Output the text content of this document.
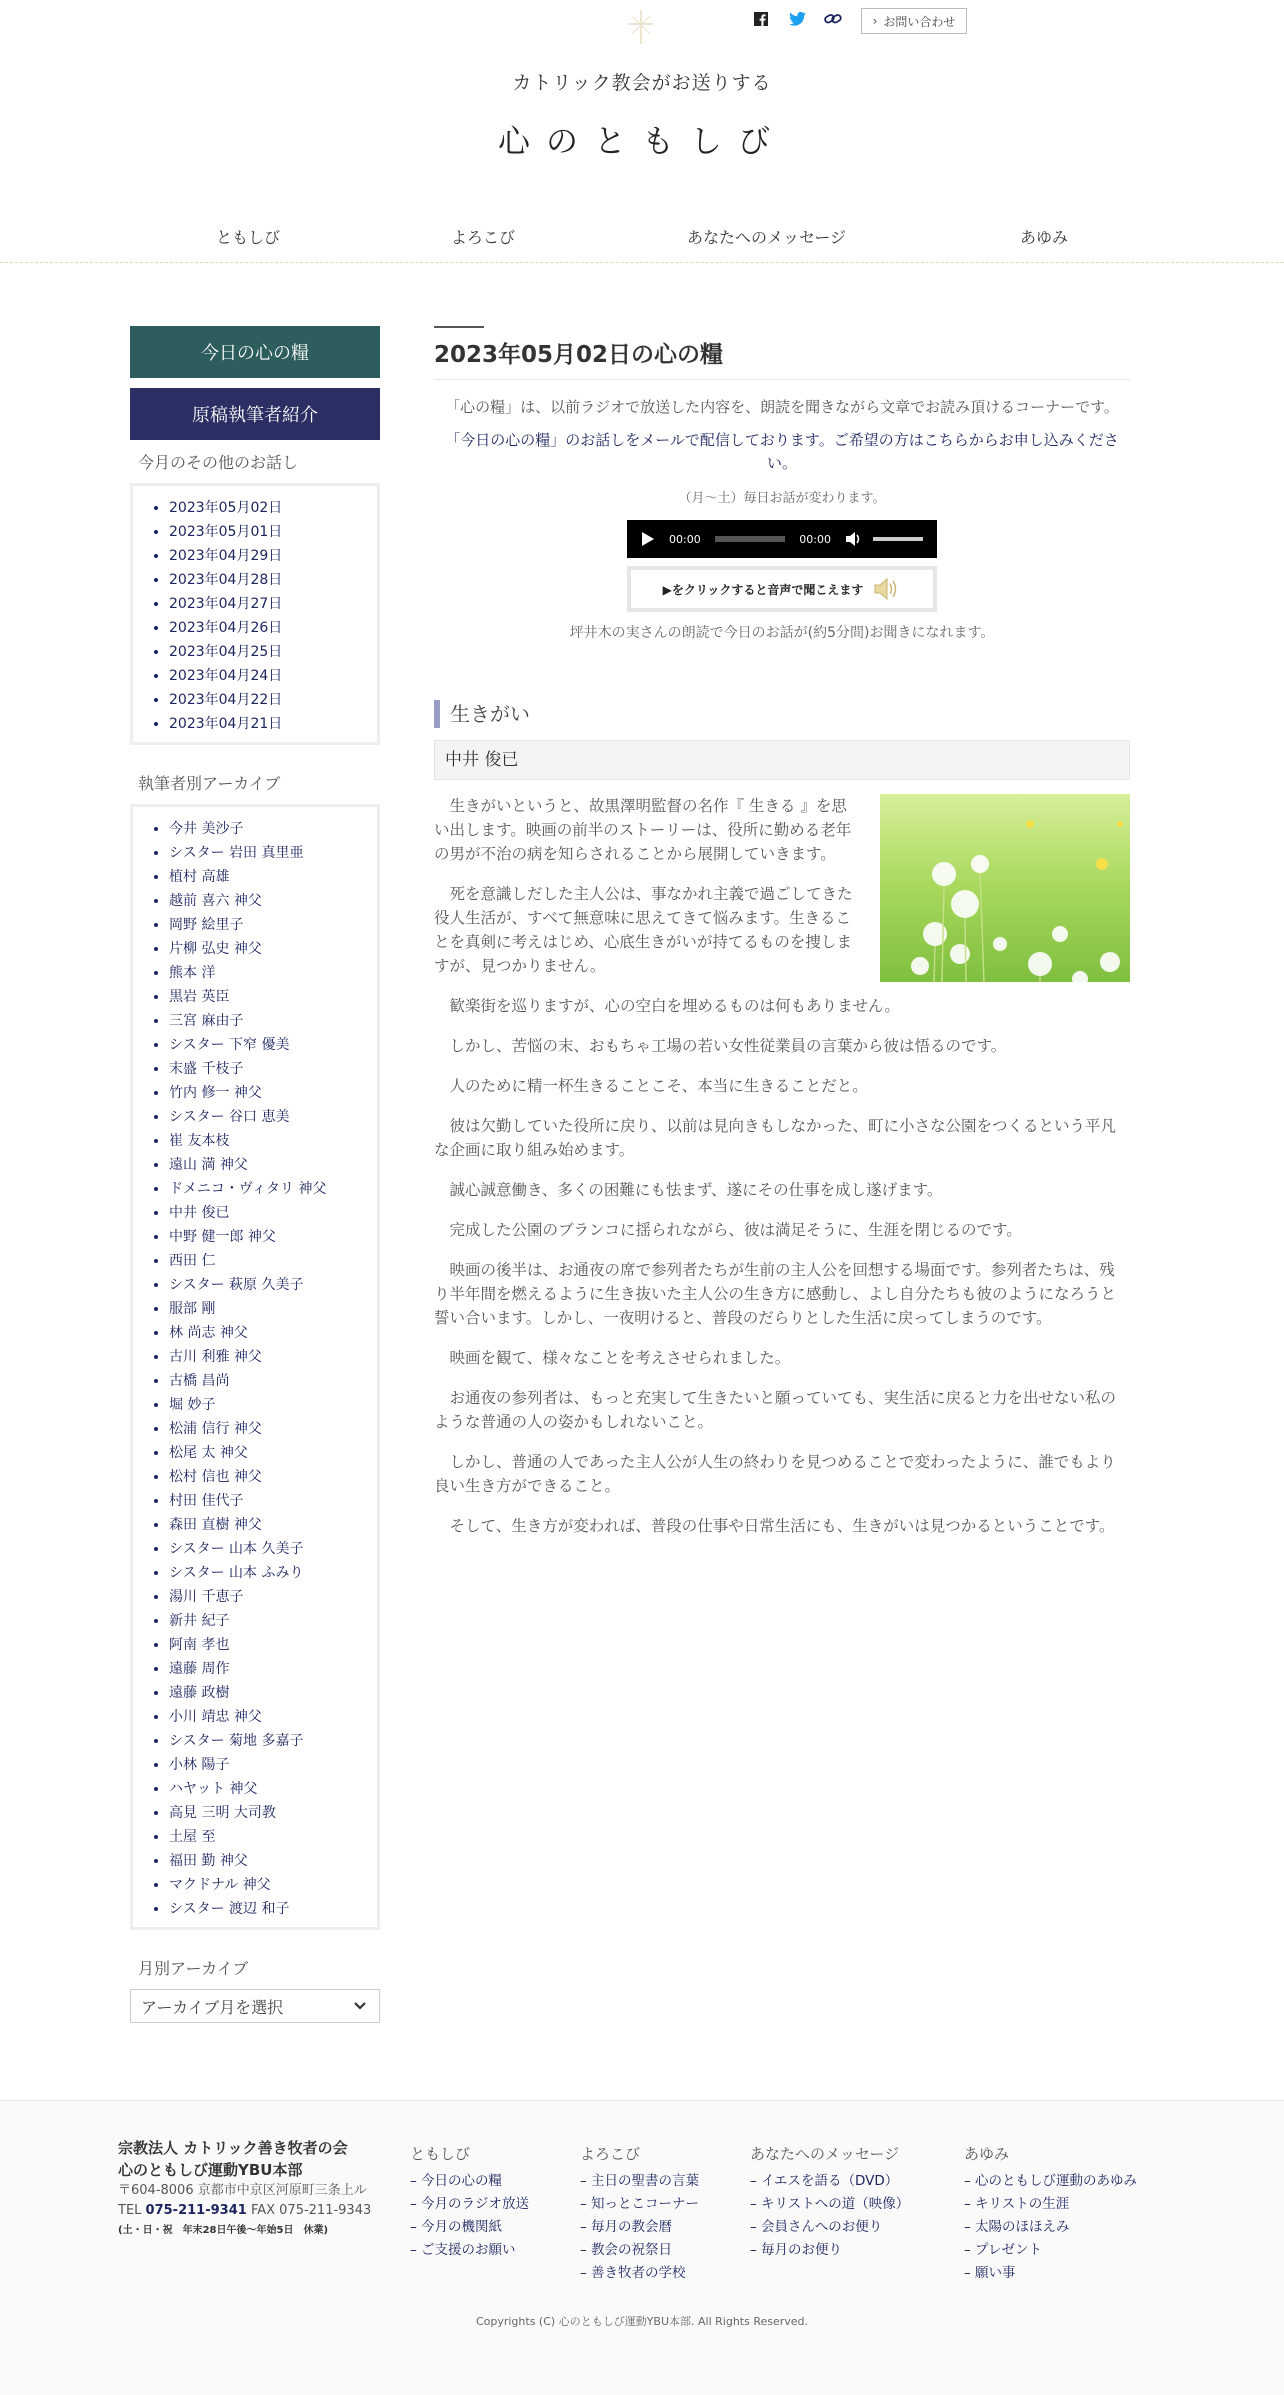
› お問い合わせ
カトリック教会がお送りする
心のともしび
ともしび	よろこび	あなたへのメッセージ	あゆみ
今日の心の糧
原稿執筆者紹介
今月のその他のお話し
• 2023年05月02日
• 2023年05月01日
• 2023年04月29日
• 2023年04月28日
• 2023年04月27日
• 2023年04月26日
• 2023年04月25日
• 2023年04月24日
• 2023年04月22日
• 2023年04月21日
執筆者別アーカイブ
• 今井 美沙子
• シスター 岩田 真里亜
• 植村 高雄
• 越前 喜六 神父
• 岡野 絵里子
• 片柳 弘史 神父
• 熊本 洋
• 黒岩 英臣
• 三宮 麻由子
• シスター 下窄 優美
• 末盛 千枝子
• 竹内 修一 神父
• シスター 谷口 恵美
• 崔 友本枝
• 遠山 満 神父
• ドメニコ・ヴィタリ 神父
• 中井 俊已
• 中野 健一郎 神父
• 西田 仁
• シスター 萩原 久美子
• 服部 剛
• 林 尚志 神父
• 古川 利雅 神父
• 古橋 昌尚
• 堀 妙子
• 松浦 信行 神父
• 松尾 太 神父
• 松村 信也 神父
• 村田 佳代子
• 森田 直樹 神父
• シスター 山本 久美子
• シスター 山本 ふみり
• 湯川 千恵子
• 新井 紀子
• 阿南 孝也
• 遠藤 周作
• 遠藤 政樹
• 小川 靖忠 神父
• シスター 菊地 多嘉子
• 小林 陽子
• ハヤット 神父
• 高見 三明 大司教
• 土屋 至
• 福田 勤 神父
• マクドナル 神父
• シスター 渡辺 和子
月別アーカイブ
アーカイブ月を選択
2023年05月02日の心の糧
「心の糧」は、以前ラジオで放送した内容を、朗読を聞きながら文章でお読み頂けるコーナーです。
「今日の心の糧」のお話しをメールで配信しております。ご希望の方はこちらからお申し込みください。
（月～土）毎日お話が変わります。
00:00	00:00
▶をクリックすると音声で聞こえます
坪井木の実さんの朗読で今日のお話が(約5分間)お聞きになれます。
生きがい
中井 俊已

生きがいというと、故黒澤明監督の名作『 生きる 』を思い出します。映画の前半のストーリーは、役所に勤める老年の男が不治の病を知らされることから展開していきます。

死を意識しだした主人公は、事なかれ主義で過ごしてきた役人生活が、すべて無意味に思えてきて悩みます。生きることを真剣に考えはじめ、心底生きがいが持てるものを捜しますが、見つかりません。

歓楽街を巡りますが、心の空白を埋めるものは何もありません。

しかし、苦悩の末、おもちゃ工場の若い女性従業員の言葉から彼は悟るのです。

人のために精一杯生きることこそ、本当に生きることだと。

彼は欠勤していた役所に戻り、以前は見向きもしなかった、町に小さな公園をつくるという平凡な企画に取り組み始めます。

誠心誠意働き、多くの困難にも怯まず、遂にその仕事を成し遂げます。

完成した公園のブランコに揺られながら、彼は満足そうに、生涯を閉じるのです。

映画の後半は、お通夜の席で参列者たちが生前の主人公を回想する場面です。参列者たちは、残り半年間を燃えるように生き抜いた主人公の生き方に感動し、よし自分たちも彼のようになろうと誓い合います。しかし、一夜明けると、普段のだらりとした生活に戻ってしまうのです。

映画を観て、様々なことを考えさせられました。

お通夜の参列者は、もっと充実して生きたいと願っていても、実生活に戻ると力を出せない私のような普通の人の姿かもしれないこと。

しかし、普通の人であった主人公が人生の終わりを見つめることで変わったように、誰でもより良い生き方ができること。

そして、生き方が変われば、普段の仕事や日常生活にも、生きがいは見つかるということです。

宗教法人 カトリック善き牧者の会
心のともしび運動YBU本部
〒604-8006 京都市中京区河原町三条上ル
TEL 075-211-9341 FAX 075-211-9343
(土・日・祝　年末28日午後～年始5日　休業)
ともしび
– 今日の心の糧
– 今月のラジオ放送
– 今月の機関紙
– ご支援のお願い
よろこび
– 主日の聖書の言葉
– 知っとこコーナー
– 毎月の教会暦
– 教会の祝祭日
– 善き牧者の学校
あなたへのメッセージ
– イエスを語る（DVD）
– キリストへの道（映像）
– 会員さんへのお便り
– 毎月のお便り
あゆみ
– 心のともしび運動のあゆみ
– キリストの生涯
– 太陽のほほえみ
– プレゼント
– 願い事
Copyrights (C) 心のともしび運動YBU本部. All Rights Reserved.
